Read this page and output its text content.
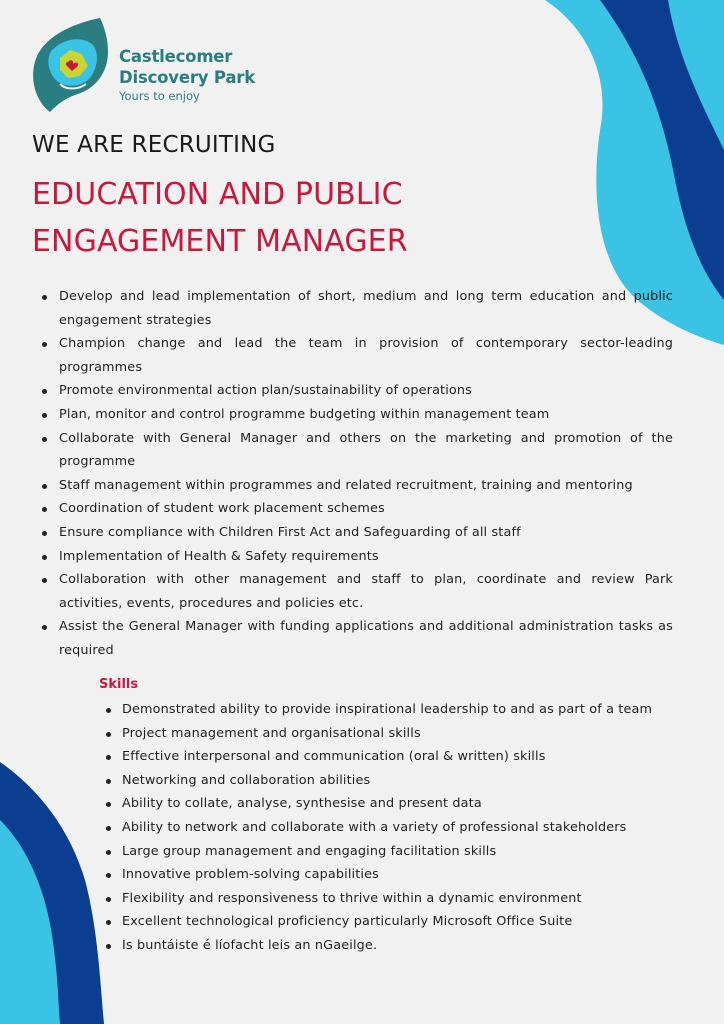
Castlecomer
Discovery Park
Yours to enjoy
WE ARE RECRUITING
EDUCATION AND PUBLIC
ENGAGEMENT MANAGER
Develop and lead implementation of short, medium and long term education and public engagement strategies
Champion change and lead the team in provision of contemporary sector-leading programmes
Promote environmental action plan/sustainability of operations
Plan, monitor and control programme budgeting within management team
Collaborate with General Manager and others on the marketing and promotion of the programme
Staff management within programmes and related recruitment, training and mentoring
Coordination of student work placement schemes
Ensure compliance with Children First Act and Safeguarding of all staff
Implementation of Health & Safety requirements
Collaboration with other management and staff to plan, coordinate and review Park activities, events, procedures and policies etc.
Assist the General Manager with funding applications and additional administration tasks as required
Skills
Demonstrated ability to provide inspirational leadership to and as part of a team
Project management and organisational skills
Effective interpersonal and communication (oral & written) skills
Networking and collaboration abilities
Ability to collate, analyse, synthesise and present data
Ability to network and collaborate with a variety of professional stakeholders
Large group management and engaging facilitation skills
Innovative problem-solving capabilities
Flexibility and responsiveness to thrive within a dynamic environment
Excellent technological proficiency particularly Microsoft Office Suite
Is buntáiste é líofacht leis an nGaeilge.
